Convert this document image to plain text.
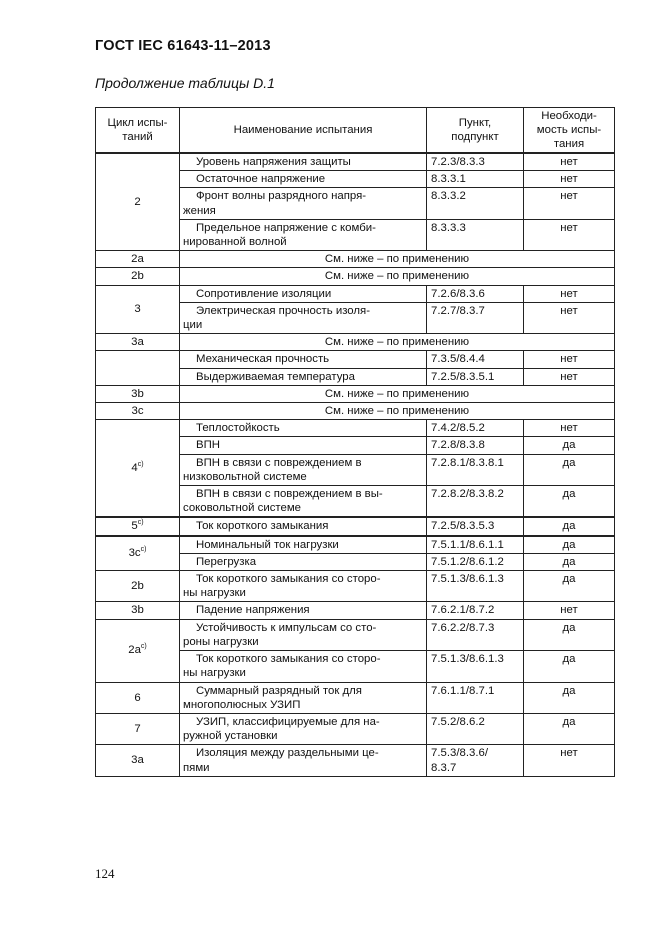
ГОСТ IEC 61643-11–2013
Продолжение таблицы D.1
Цикл испы-
таний	Наименование испытания	Пункт,
подпункт	Необходи-
мость испы-
тания
2	Уровень напряжения защиты	7.2.3/8.3.3	нет
	Остаточное напряжение	8.3.3.1	нет
	Фронт волны разрядного напря-
жения	8.3.3.2	нет
	Предельное напряжение с комби-
нированной волной	8.3.3.3	нет
2a	См. ниже – по применению		
2b	См. ниже – по применению		
3	Сопротивление изоляции	7.2.6/8.3.6	нет
	Электрическая прочность изоля-
ции	7.2.7/8.3.7	нет
3a	См. ниже – по применению		
	Механическая прочность	7.3.5/8.4.4	нет
	Выдерживаемая температура	7.2.5/8.3.5.1	нет
3b	См. ниже – по применению		
3c	См. ниже – по применению		
4$^{c)}$	Теплостойкость	7.4.2/8.5.2	нет
	ВПН	7.2.8/8.3.8	да
	ВПН в связи с повреждением в
низковольтной системе	7.2.8.1/8.3.8.1	да
	ВПН в связи с повреждением в вы-
соковольтной системе	7.2.8.2/8.3.8.2	да
5$^{c)}$	Ток короткого замыкания	7.2.5/8.3.5.3	да
$3c^{c)}$	Номинальный ток нагрузки	7.5.1.1/8.6.1.1	да
	Перегрузка	7.5.1.2/8.6.1.2	да
2b	Ток короткого замыкания со сторо-
ны нагрузки	7.5.1.3/8.6.1.3	да
3b	Падение напряжения	7.6.2.1/8.7.2	нет
$2a^{c)}$	Устойчивость к импульсам со сто-
роны нагрузки	7.6.2.2/8.7.3	да
	Ток короткого замыкания со сторо-
ны нагрузки	7.5.1.3/8.6.1.3	да
6	Суммарный разрядный ток для
многополюсных УЗИП	7.6.1.1/8.7.1	да
7	УЗИП, классифицируемые для на-
ружной установки	7.5.2/8.6.2	да
3a	Изоляция между раздельными це-
пями	7.5.3/8.3.6/
8.3.7	нет
124
